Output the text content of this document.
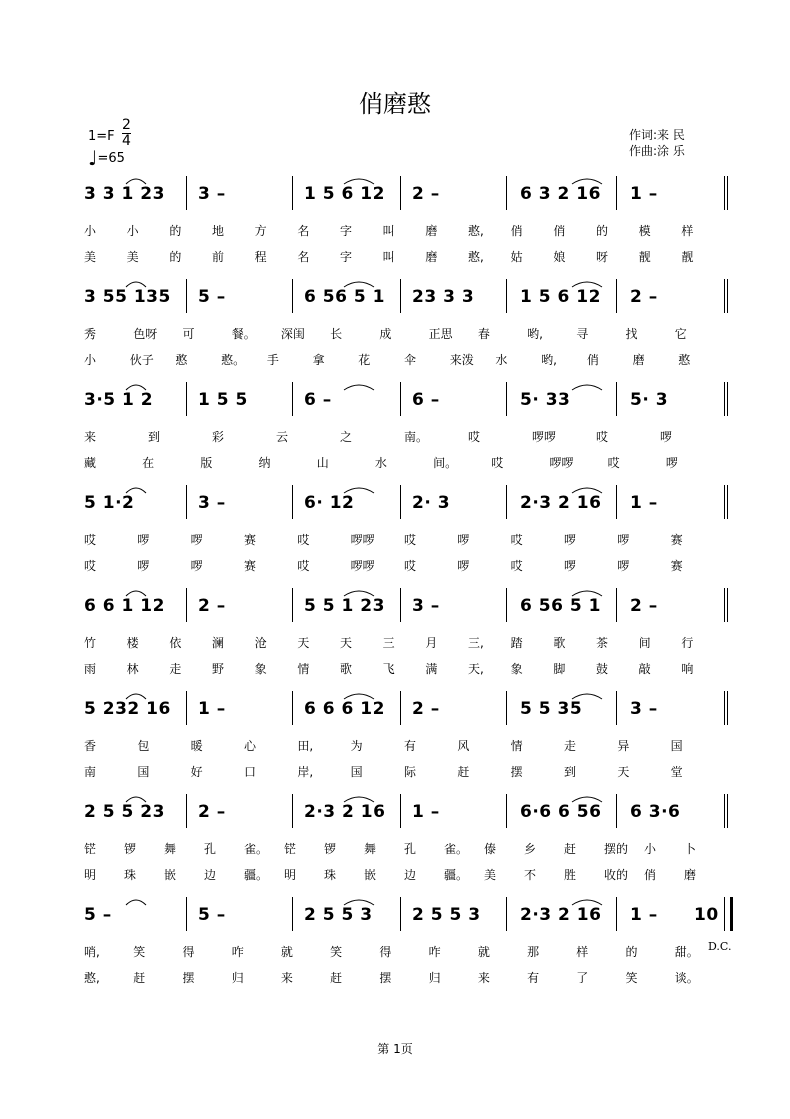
俏磨憨
$1=F \frac{2}{4}$
♩=65
作词:来 民
作曲:涂 乐
3 3 1 23 3 –	1 5 6 12 2 –	6 3 2 16 1 –
小	小	的	地	方	名	字	叫	磨	憨, 俏	俏	的	模	样
美	美	的	前	程	名	字	叫	磨	憨, 姑	娘	呀	靓	靓
3 55 135 5 –	6 56 5 1 23 3 3	1 5 6 12 2 –
秀	色呀 可	餐。 深闺 长	成	正思 春	哟,	寻	找	它
小	伙子 憨	憨。 手	拿	花	伞	来泼 水	哟, 俏	磨	憨
3·5 1 2	1 5 5	6 –	6 –	5· 33	5· 3
来	到	彩	云	之	南。	哎	啰啰	哎	啰
藏	在	版	纳	山	水	间。	哎	啰啰	哎	啰
5 1·2	3 –	6· 12	2· 3	2·3 2 16 1 –
哎	啰	啰	赛	哎	啰啰 哎	啰	哎	啰	啰	赛
哎	啰	啰	赛	哎	啰啰 哎	啰	哎	啰	啰	赛
6 6 1 12 2 –	5 5 1 23 3 –	6 56 5 1 2 –
竹	楼	依	澜	沧	天	天	三	月	三, 踏	歌	茶	间	行
雨	林	走	野	象	情	歌	飞	满	天, 象	脚	鼓	敲	响
5 232 16 1 –	6 6 6 12 2 –	5 5 35	3 –
香	包	暖	心	田,	为	有	风	情	走	异	国
南	国	好	口	岸,	国	际	赶	摆	到	天	堂
2 5 5 23 2 –	2·3 2 16 1 –	6·6 6 56 6 3·6
铓 锣 舞 孔 雀。 铓 锣 舞 孔 雀。 傣 乡 赶 摆的 小 卜
明 珠 嵌 边 疆。 明 珠 嵌 边 疆。 美 不 胜 收的 俏 磨
5 –	5 –	2 5 5 3 2 5 5 3 2·3 2 16 1 – 10
哨,	笑	得	咋	就	笑	得	咋	就	那	样	的	甜。
憨,	赶	摆	归	来	赶	摆	归	来	有	了	笑	谈。
D.C.
第 1页
